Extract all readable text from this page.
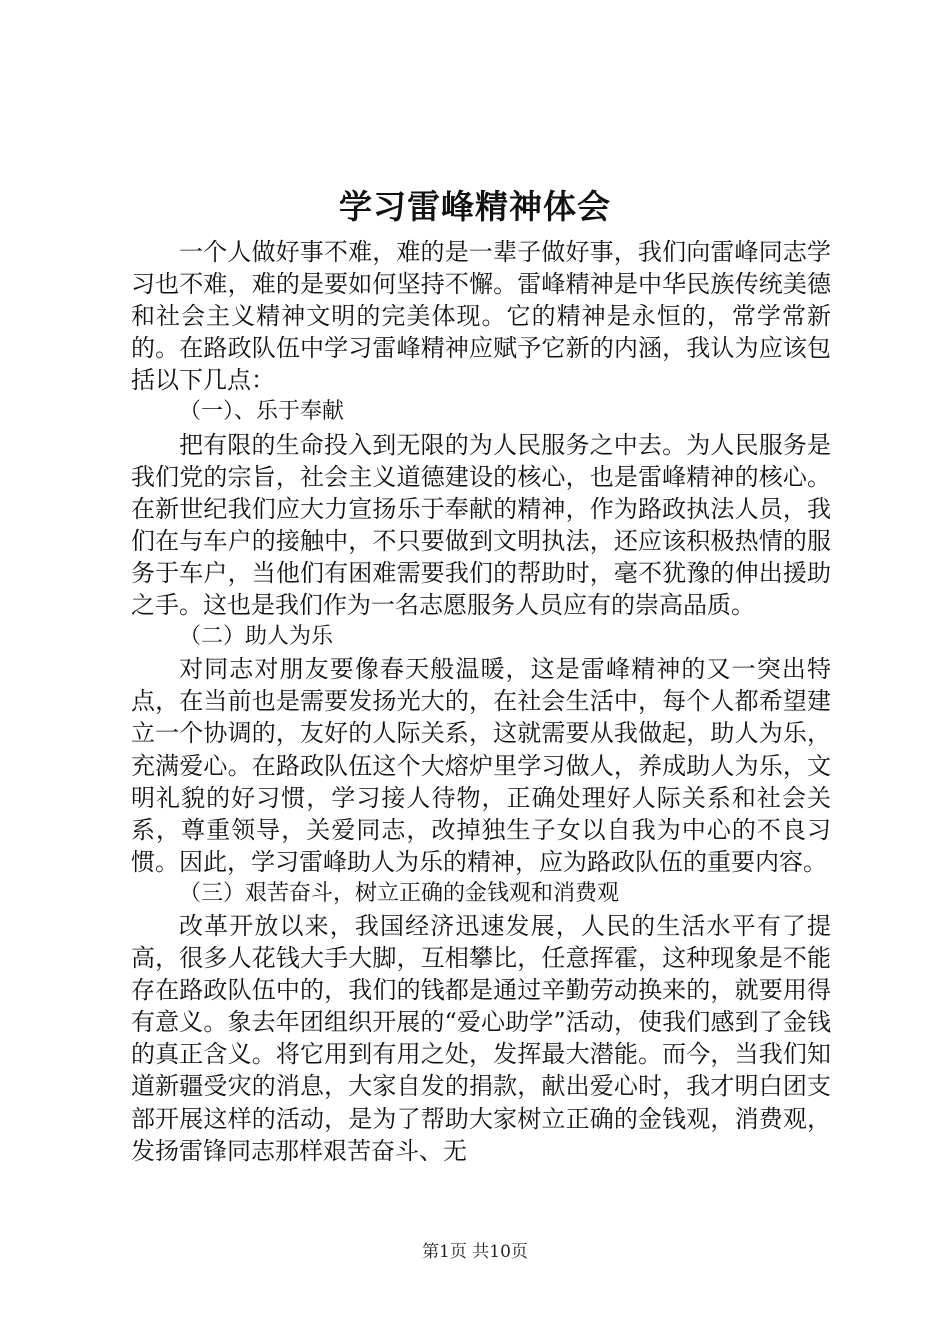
学习雷峰精神体会

一个人做好事不难，难的是一辈子做好事，我们向雷峰同志学习也不难，难的是要如何坚持不懈。雷峰精神是中华民族传统美德和社会主义精神文明的完美体现。它的精神是永恒的，常学常新的。在路政队伍中学习雷峰精神应赋予它新的内涵，我认为应该包括以下几点：

（一）、乐于奉献

把有限的生命投入到无限的为人民服务之中去。为人民服务是我们党的宗旨，社会主义道德建设的核心，也是雷峰精神的核心。在新世纪我们应大力宣扬乐于奉献的精神，作为路政执法人员，我们在与车户的接触中，不只要做到文明执法，还应该积极热情的服务于车户，当他们有困难需要我们的帮助时，毫不犹豫的伸出援助之手。这也是我们作为一名志愿服务人员应有的崇高品质。

（二）助人为乐

对同志对朋友要像春天般温暖，这是雷峰精神的又一突出特点，在当前也是需要发扬光大的，在社会生活中，每个人都希望建立一个协调的，友好的人际关系，这就需要从我做起，助人为乐，充满爱心。在路政队伍这个大熔炉里学习做人，养成助人为乐，文明礼貌的好习惯，学习接人待物，正确处理好人际关系和社会关系，尊重领导，关爱同志，改掉独生子女以自我为中心的不良习惯。因此，学习雷峰助人为乐的精神，应为路政队伍的重要内容。

（三）艰苦奋斗，树立正确的金钱观和消费观

改革开放以来，我国经济迅速发展，人民的生活水平有了提高，很多人花钱大手大脚，互相攀比，任意挥霍，这种现象是不能存在路政队伍中的，我们的钱都是通过辛勤劳动换来的，就要用得有意义。象去年团组织开展的“爱心助学”活动，使我们感到了金钱的真正含义。将它用到有用之处，发挥最大潜能。而今，当我们知道新疆受灾的消息，大家自发的捐款，献出爱心时，我才明白团支部开展这样的活动，是为了帮助大家树立正确的金钱观，消费观，发扬雷锋同志那样艰苦奋斗、无

第1页 共10页
